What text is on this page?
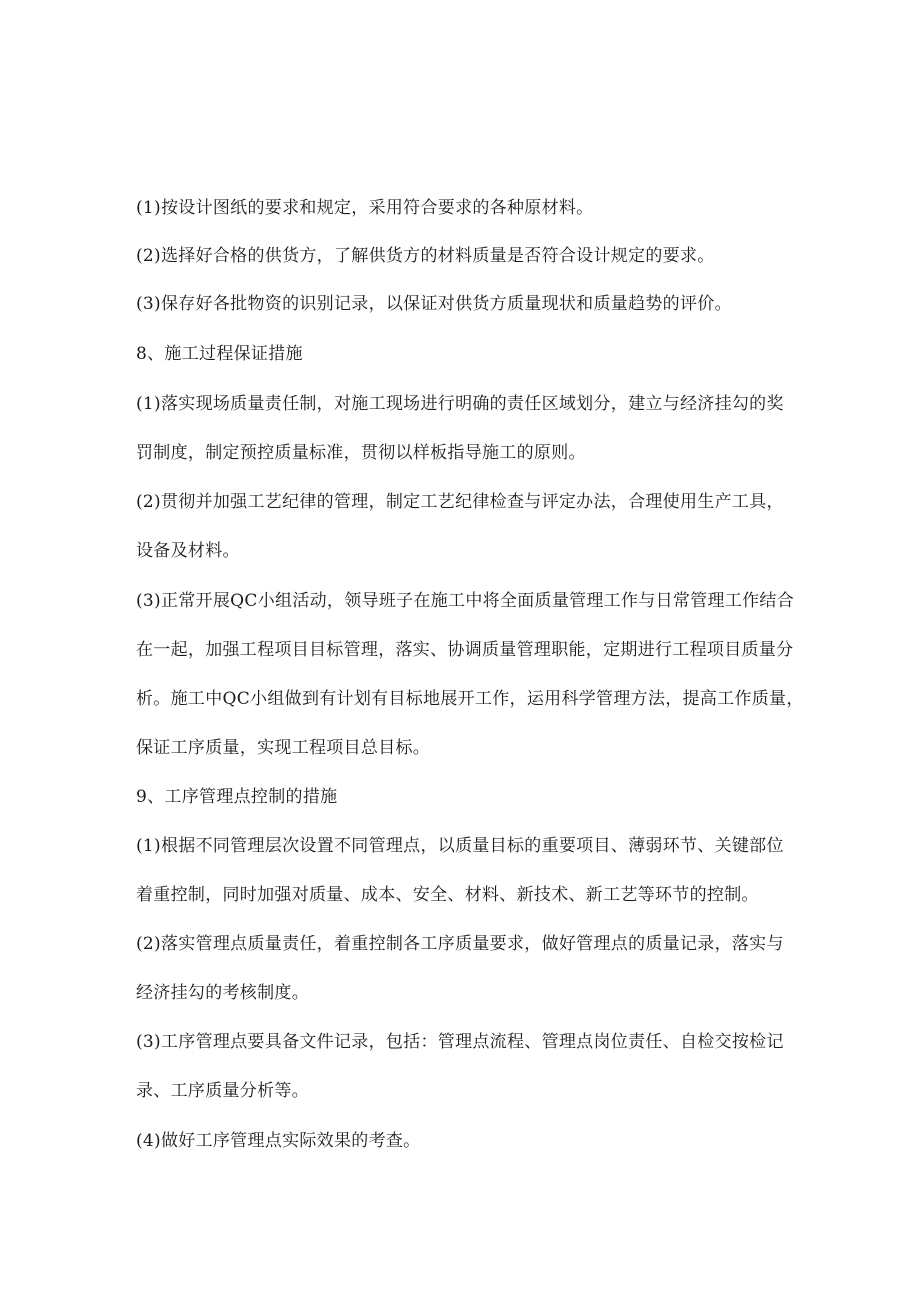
(1)按设计图纸的要求和规定，采用符合要求的各种原材料。
(2)选择好合格的供货方，了解供货方的材料质量是否符合设计规定的要求。
(3)保存好各批物资的识别记录，以保证对供货方质量现状和质量趋势的评价。
8、施工过程保证措施
(1)落实现场质量责任制，对施工现场进行明确的责任区域划分，建立与经济挂勾的奖
罚制度，制定预控质量标准，贯彻以样板指导施工的原则。
(2)贯彻并加强工艺纪律的管理，制定工艺纪律检查与评定办法，合理使用生产工具，
设备及材料。
(3)正常开展QC小组活动，领导班子在施工中将全面质量管理工作与日常管理工作结合
在一起，加强工程项目目标管理，落实、协调质量管理职能，定期进行工程项目质量分
析。施工中QC小组做到有计划有目标地展开工作，运用科学管理方法，提高工作质量，
保证工序质量，实现工程项目总目标。
9、工序管理点控制的措施
(1)根据不同管理层次设置不同管理点，以质量目标的重要项目、薄弱环节、关键部位
着重控制，同时加强对质量、成本、安全、材料、新技术、新工艺等环节的控制。
(2)落实管理点质量责任，着重控制各工序质量要求，做好管理点的质量记录，落实与
经济挂勾的考核制度。
(3)工序管理点要具备文件记录，包括：管理点流程、管理点岗位责任、自检交按检记
录、工序质量分析等。
(4)做好工序管理点实际效果的考查。
